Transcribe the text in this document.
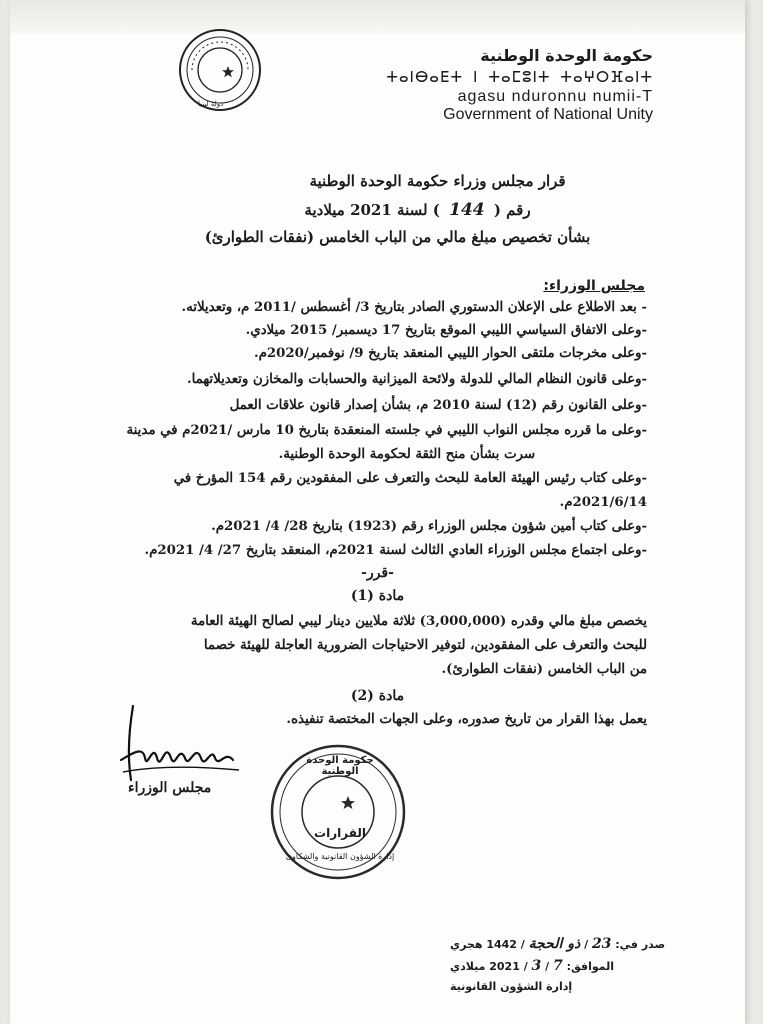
دولة ليبيا
حكومة الوحدة الوطنية
ⵜⴰⵏⴱⴰⴹⵜ ⵏ ⵜⴰⵎⵓⵏⵜ ⵜⴰⵖⵔⴼⴰⵏⵜ
agasu nduronnu numii-T
Government of National Unity
قرار مجلس وزراء حكومة الوحدة الوطنية
رقم ( 144 ) لسنة 2021 ميلادية
بشأن تخصيص مبلغ مالي من الباب الخامس (نفقات الطوارئ)
مجلس الوزراء:
- بعد الاطلاع على الإعلان الدستوري الصادر بتاريخ 3/ أغسطس /2011 م، وتعديلاته.
-وعلى الاتفاق السياسي الليبي الموقع بتاريخ 17 ديسمبر/ 2015 ميلادي.
-وعلى مخرجات ملتقى الحوار الليبي المنعقد بتاريخ 9/ نوفمبر/2020م.
-وعلى قانون النظام المالي للدولة ولائحة الميزانية والحسابات والمخازن وتعديلاتهما.
-وعلى القانون رقم (12) لسنة 2010 م، بشأن إصدار قانون علاقات العمل
-وعلى ما قرره مجلس النواب الليبي في جلسته المنعقدة بتاريخ 10 مارس /2021م في مدينة
سرت بشأن منح الثقة لحكومة الوحدة الوطنية.
-وعلى كتاب رئيس الهيئة العامة للبحث والتعرف على المفقودين رقم 154 المؤرخ في
2021/6/14م.
-وعلى كتاب أمين شؤون مجلس الوزراء رقم (1923) بتاريخ 28/ 4/ 2021م.
-وعلى اجتماع مجلس الوزراء العادي الثالث لسنة 2021م، المنعقد بتاريخ 27/ 4/ 2021م.
-قرر-
مادة (1)
يخصص مبلغ مالي وقدره (3,000,000) ثلاثة ملايين دينار ليبي لصالح الهيئة العامة
للبحث والتعرف على المفقودين، لتوفير الاحتياجات الضرورية العاجلة للهيئة خصما
من الباب الخامس (نفقات الطوارئ).
مادة (2)
يعمل بهذا القرار من تاريخ صدوره، وعلى الجهات المختصة تنفيذه.
مجلس الوزراء
حكومة الوحدة الوطنية
القرارات
إدارة الشؤون القانونية والشكاوى
صدر في: 23 / ذو الحجة / 1442 هجري
الموافق: 7 / 3 / 2021 ميلادي
إدارة الشؤون القانونية
